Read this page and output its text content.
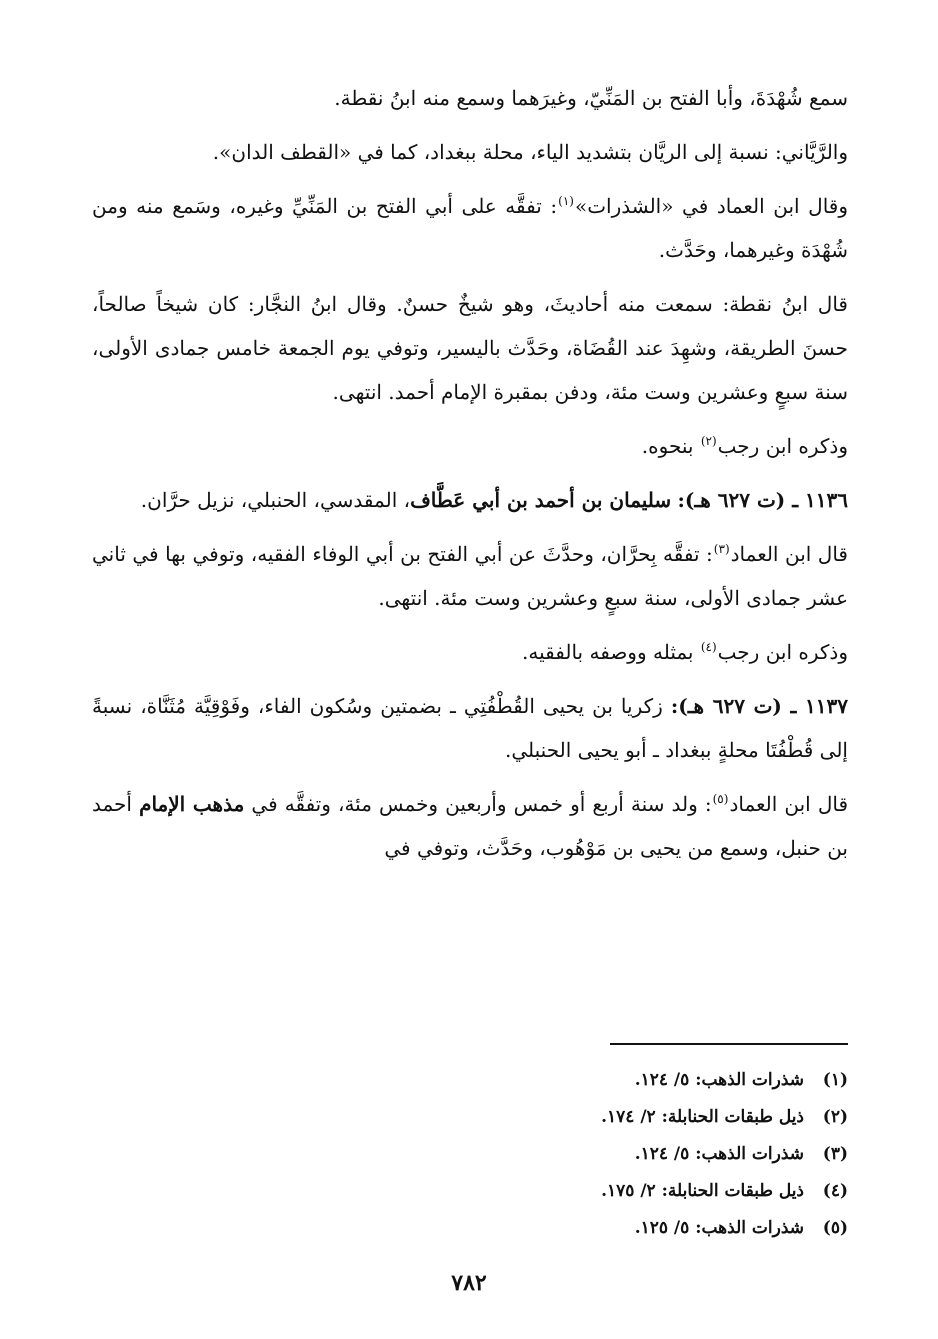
سمع شُهْدَةَ، وأبا الفتح بن المَنِّيّ، وغيرَهما وسمع منه ابنُ نقطة.

والرَّيَّاني: نسبة إلى الريَّان بتشديد الياء، محلة ببغداد، كما في «القطف الدان».

وقال ابن العماد في «الشذرات»$^{(١)}$: تفقَّه على أبي الفتح بن المَنِّيِّ وغيره، وسَمع منه ومن شُهْدَة وغيرهما، وحَدَّث.

قال ابنُ نقطة: سمعت منه أحاديثَ، وهو شيخٌ حسنٌ. وقال ابنُ النجَّار: كان شيخاً صالحاً، حسنَ الطريقة، وشهِدَ عند القُضَاة، وحَدَّث باليسير، وتوفي يوم الجمعة خامس جمادى الأولى، سنة سبعٍ وعشرين وست مئة، ودفن بمقبرة الإمام أحمد. انتهى.

وذكره ابن رجب$^{(٢)}$ بنحوه.

١١٣٦ ـ (ت ٦٢٧ هـ): سليمان بن أحمد بن أبي عَطَّاف، المقدسي، الحنبلي، نزيل حرَّان.

قال ابن العماد$^{(٣)}$: تفقَّه بِحرَّان، وحدَّثَ عن أبي الفتح بن أبي الوفاء الفقيه، وتوفي بها في ثاني عشر جمادى الأولى، سنة سبعٍ وعشرين وست مئة. انتهى.

وذكره ابن رجب$^{(٤)}$ بمثله ووصفه بالفقيه.

١١٣٧ ـ (ت ٦٢٧ هـ): زكريا بن يحيى القُطْفُتِي ـ بضمتين وسُكون الفاء، وفَوْقِيَّة مُثَنَّاة، نسبةً إلى قُطْفُتَا محلةٍ ببغداد ـ أبو يحيى الحنبلي.

قال ابن العماد$^{(٥)}$: ولد سنة أربع أو خمس وأربعين وخمس مئة، وتفقَّه في مذهب الإمام أحمد بن حنبل، وسمع من يحيى بن مَوْهُوب، وحَدَّث، وتوفي في

(١)شذرات الذهب: ٥/ ١٢٤.
(٢)ذيل طبقات الحنابلة: ٢/ ١٧٤.
(٣)شذرات الذهب: ٥/ ١٢٤.
(٤)ذيل طبقات الحنابلة: ٢/ ١٧٥.
(٥)شذرات الذهب: ٥/ ١٢٥.
٧٨٢
